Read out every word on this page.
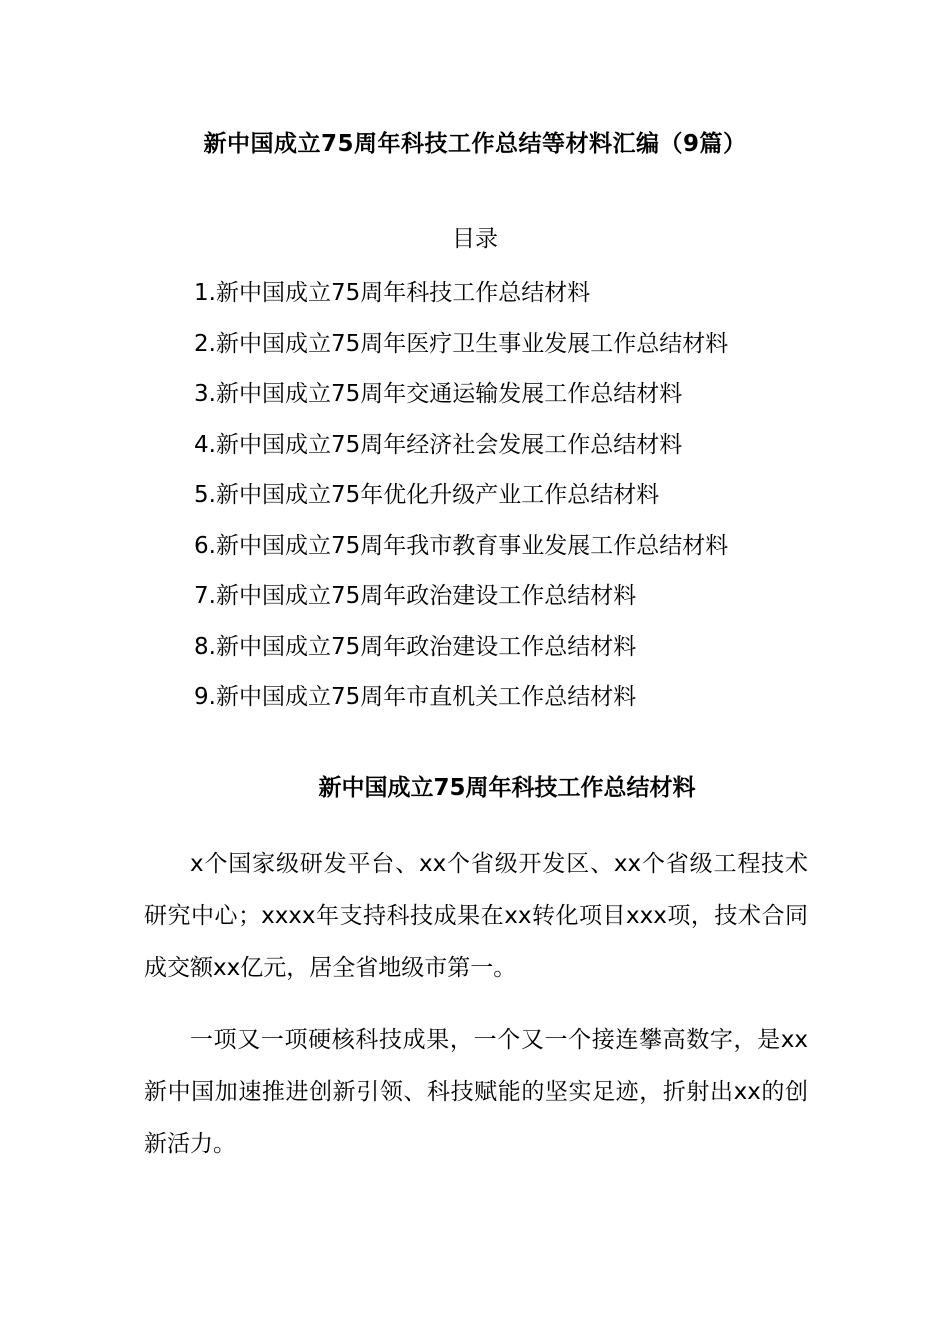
新中国成立75周年科技工作总结等材料汇编（9篇）
目录
1.新中国成立75周年科技工作总结材料
2.新中国成立75周年医疗卫生事业发展工作总结材料
3.新中国成立75周年交通运输发展工作总结材料
4.新中国成立75周年经济社会发展工作总结材料
5.新中国成立75年优化升级产业工作总结材料
6.新中国成立75周年我市教育事业发展工作总结材料
7.新中国成立75周年政治建设工作总结材料
8.新中国成立75周年政治建设工作总结材料
9.新中国成立75周年市直机关工作总结材料
新中国成立75周年科技工作总结材料

x个国家级研发平台、xx个省级开发区、xx个省级工程技术研究中心；xxxx年支持科技成果在xx转化项目xxx项，技术合同成交额xx亿元，居全省地级市第一。

一项又一项硬核科技成果，一个又一个接连攀高数字，是xx新中国加速推进创新引领、科技赋能的坚实足迹，折射出xx的创新活力。
